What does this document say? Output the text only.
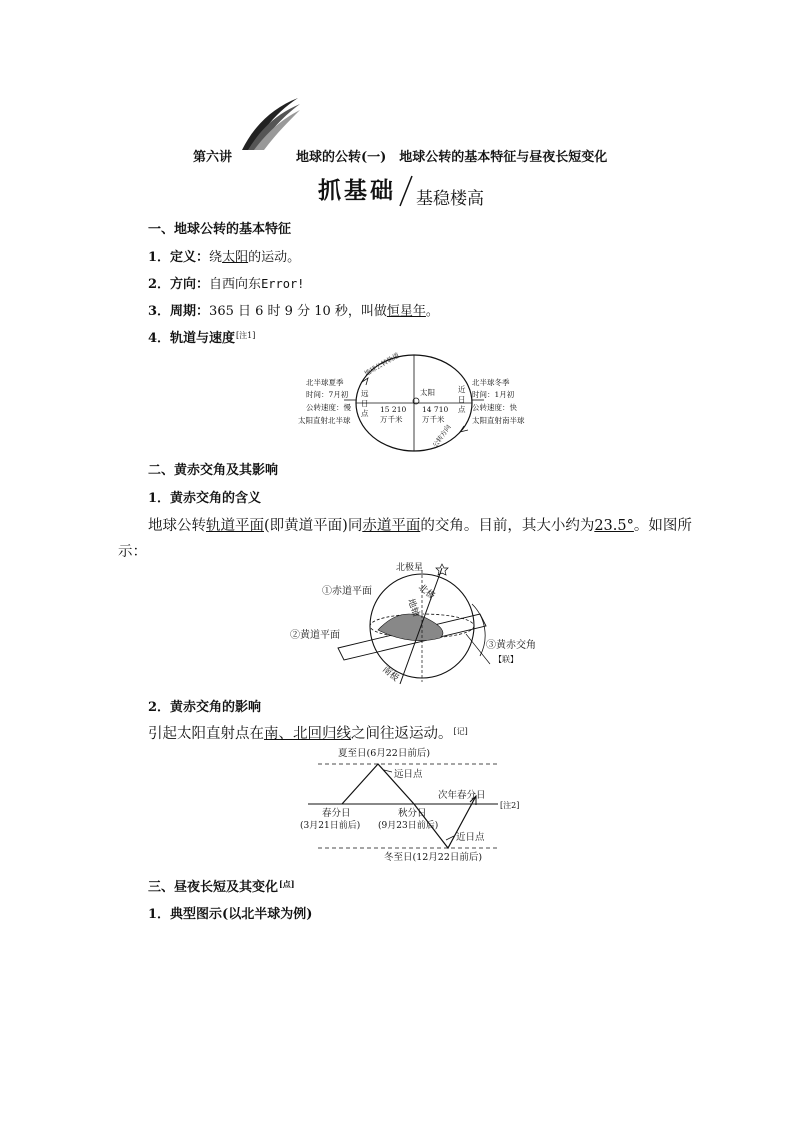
第六讲	地球的公转(一)　地球公转的基本特征与昼夜长短变化
抓基础 基稳楼高
一、地球公转的基本特征
1．定义：绕太阳的运动。
2．方向：自西向东Error!
3．周期：365 日 6 时 9 分 10 秒，叫做恒星年。
4．轨道与速度[注1]
北半球夏季
时间：7月初
公转速度：慢
太阳直射北半球
北半球冬季
时间：1月初
公转速度：快
太阳直射南半球
远
日
点
近
日
点
太阳
15 210
万千米
14 710
万千米
地球公转轨道
公转方向
二、黄赤交角及其影响
1．黄赤交角的含义
地球公转轨道平面(即黄道平面)同赤道平面的交角。目前，其大小约为23.5°。如图所
示：
北极星
北极
地轴
南极
①赤道平面
②黄道平面
③黄赤交角
【联】
2．黄赤交角的影响
引起太阳直射点在南、北回归线之间往返运动。[记]
夏至日(6月22日前后)
远日点
次年春分日
[注2]
春分日
(3月21日前后)
秋分日
(9月23日前后)
近日点
冬至日(12月22日前后)
三、昼夜长短及其变化[点]
1．典型图示(以北半球为例)
